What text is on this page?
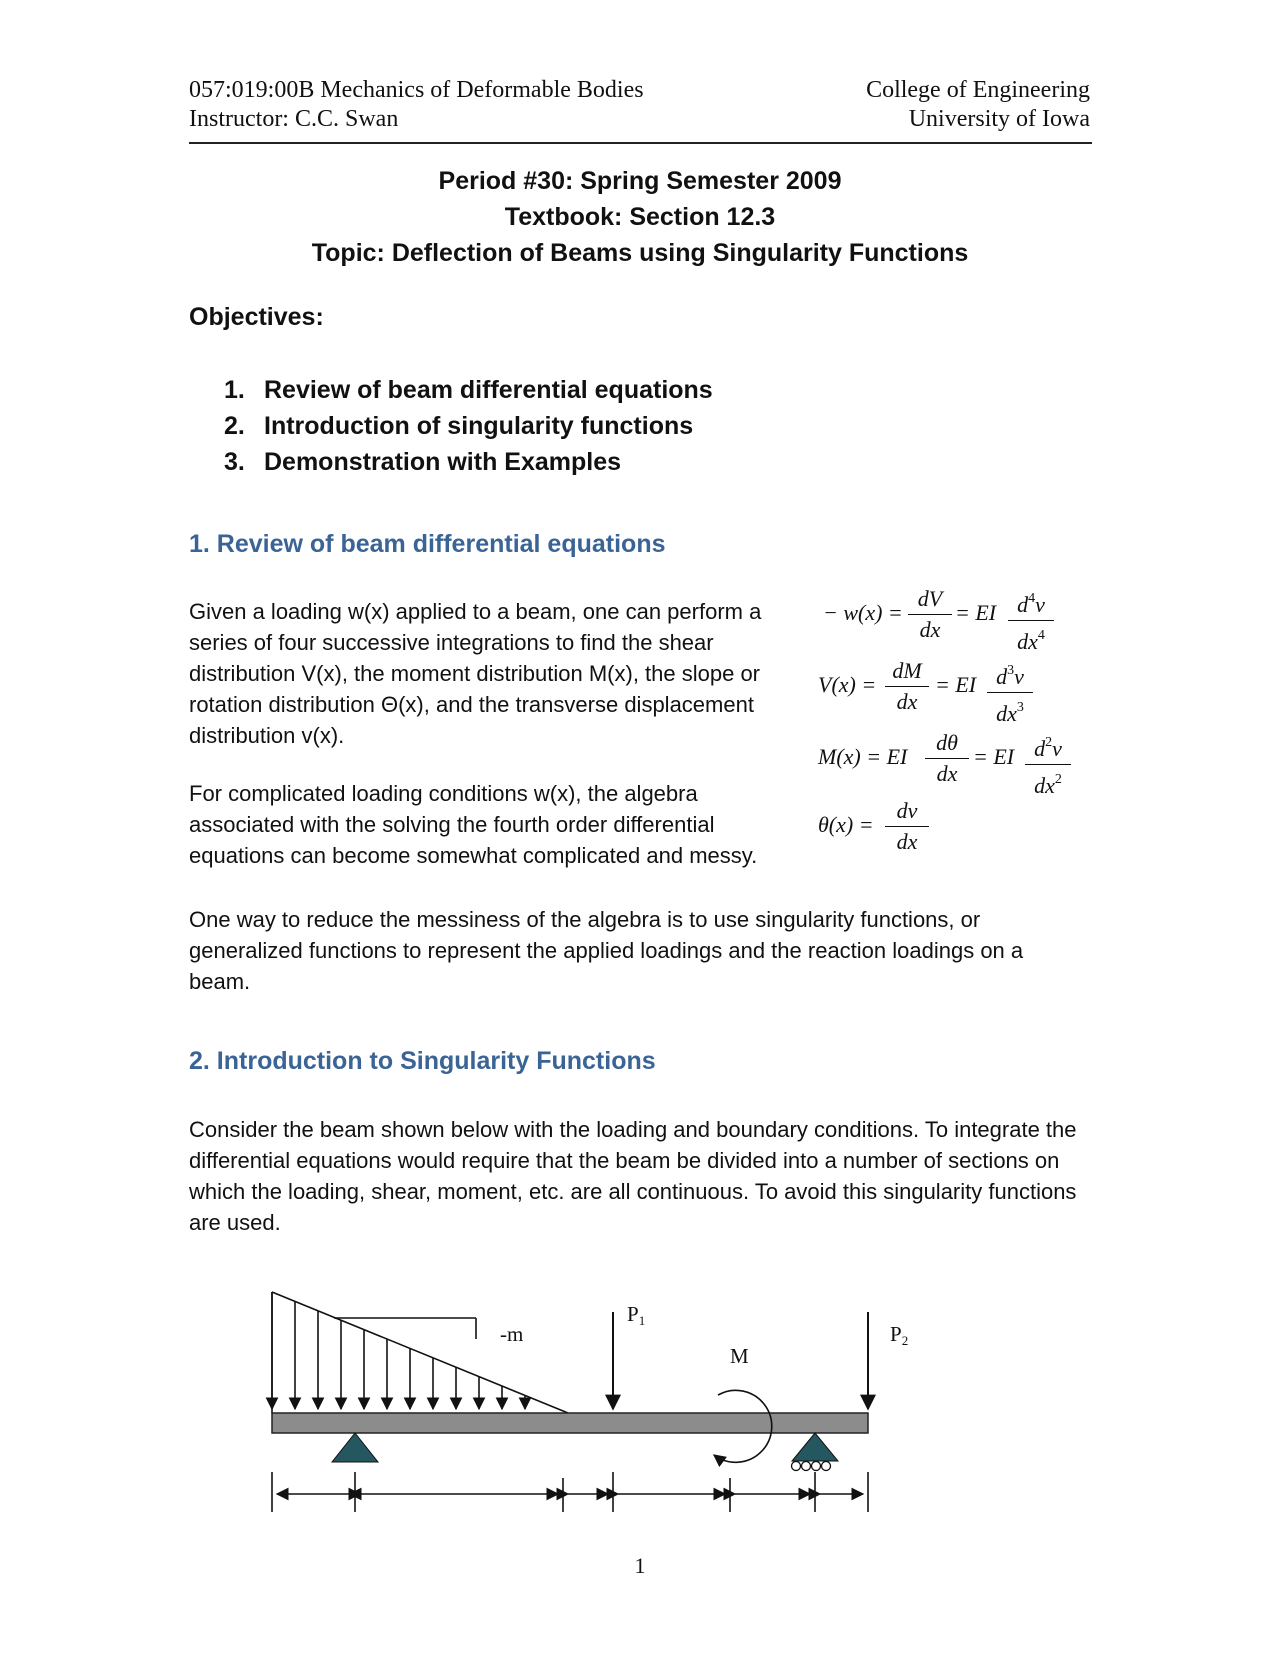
057:019:00B Mechanics of Deformable Bodies
Instructor: C.C. Swan
College of Engineering
University of Iowa
Period #30: Spring Semester 2009
Textbook: Section 12.3
Topic: Deflection of Beams using Singularity Functions
Objectives:
1. Review of beam differential equations
2. Introduction of singularity functions
3. Demonstration with Examples
1. Review of beam differential equations

Given a loading w(x) applied to a beam, one can perform a series of four successive integrations to find the shear distribution V(x), the moment distribution M(x), the slope or rotation distribution Θ(x), and the transverse displacement distribution v(x).

For complicated loading conditions w(x), the algebra associated with the solving the fourth order differential equations can become somewhat complicated and messy.

− w(x) =
dV
dx
= EI $d^4v$
$dx^4$
V(x) =
dM
dx
= EI $d^3v$
$dx^3$
M(x) = EI
dθ
dx
= EI $d^2v$
$dx^2$
θ(x) =
dv
dx

One way to reduce the messiness of the algebra is to use singularity functions, or generalized functions to represent the applied loadings and the reaction loadings on a beam.

2. Introduction to Singularity Functions

Consider the beam shown below with the loading and boundary conditions. To integrate the differential equations would require that the beam be divided into a number of sections on which the loading, shear, moment, etc. are all continuous. To avoid this singularity functions are used.

-m
$P_1$
M
$P_2$
1
